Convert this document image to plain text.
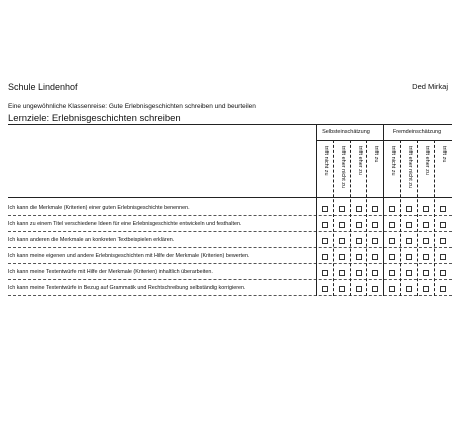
Schule Lindenhof	Ded Mirkaj
Eine ungewöhnliche Klassenreise: Gute Erlebnisgeschichten schreiben und beurteilen
Lernziele: Erlebnisgeschichten schreiben
Selbsteinschätzung	Fremdeinschätzung
trifft nicht zu trifft eher nicht zu trifft eher zu trifft zu trifft nicht zu trifft eher nicht zu trifft eher zu trifft zu
Ich kann die Merkmale (Kriterien) einer guten Erlebnisgeschichte benennen.
Ich kann zu einem Titel verschiedene Ideen für eine Erlebnisgeschichte entwickeln und festhalten.
Ich kann anderen die Merkmale an konkreten Textbeispielen erklären.
Ich kann meine eigenen und andere Erlebnisgeschichten mit Hilfe der Merkmale (Kriterien) bewerten.
Ich kann meine Textentwürfe mit Hilfe der Merkmale (Kriterien) inhaltlich überarbeiten.
Ich kann meine Textentwürfe in Bezug auf Grammatik und Rechtschreibung selbständig korrigieren.
